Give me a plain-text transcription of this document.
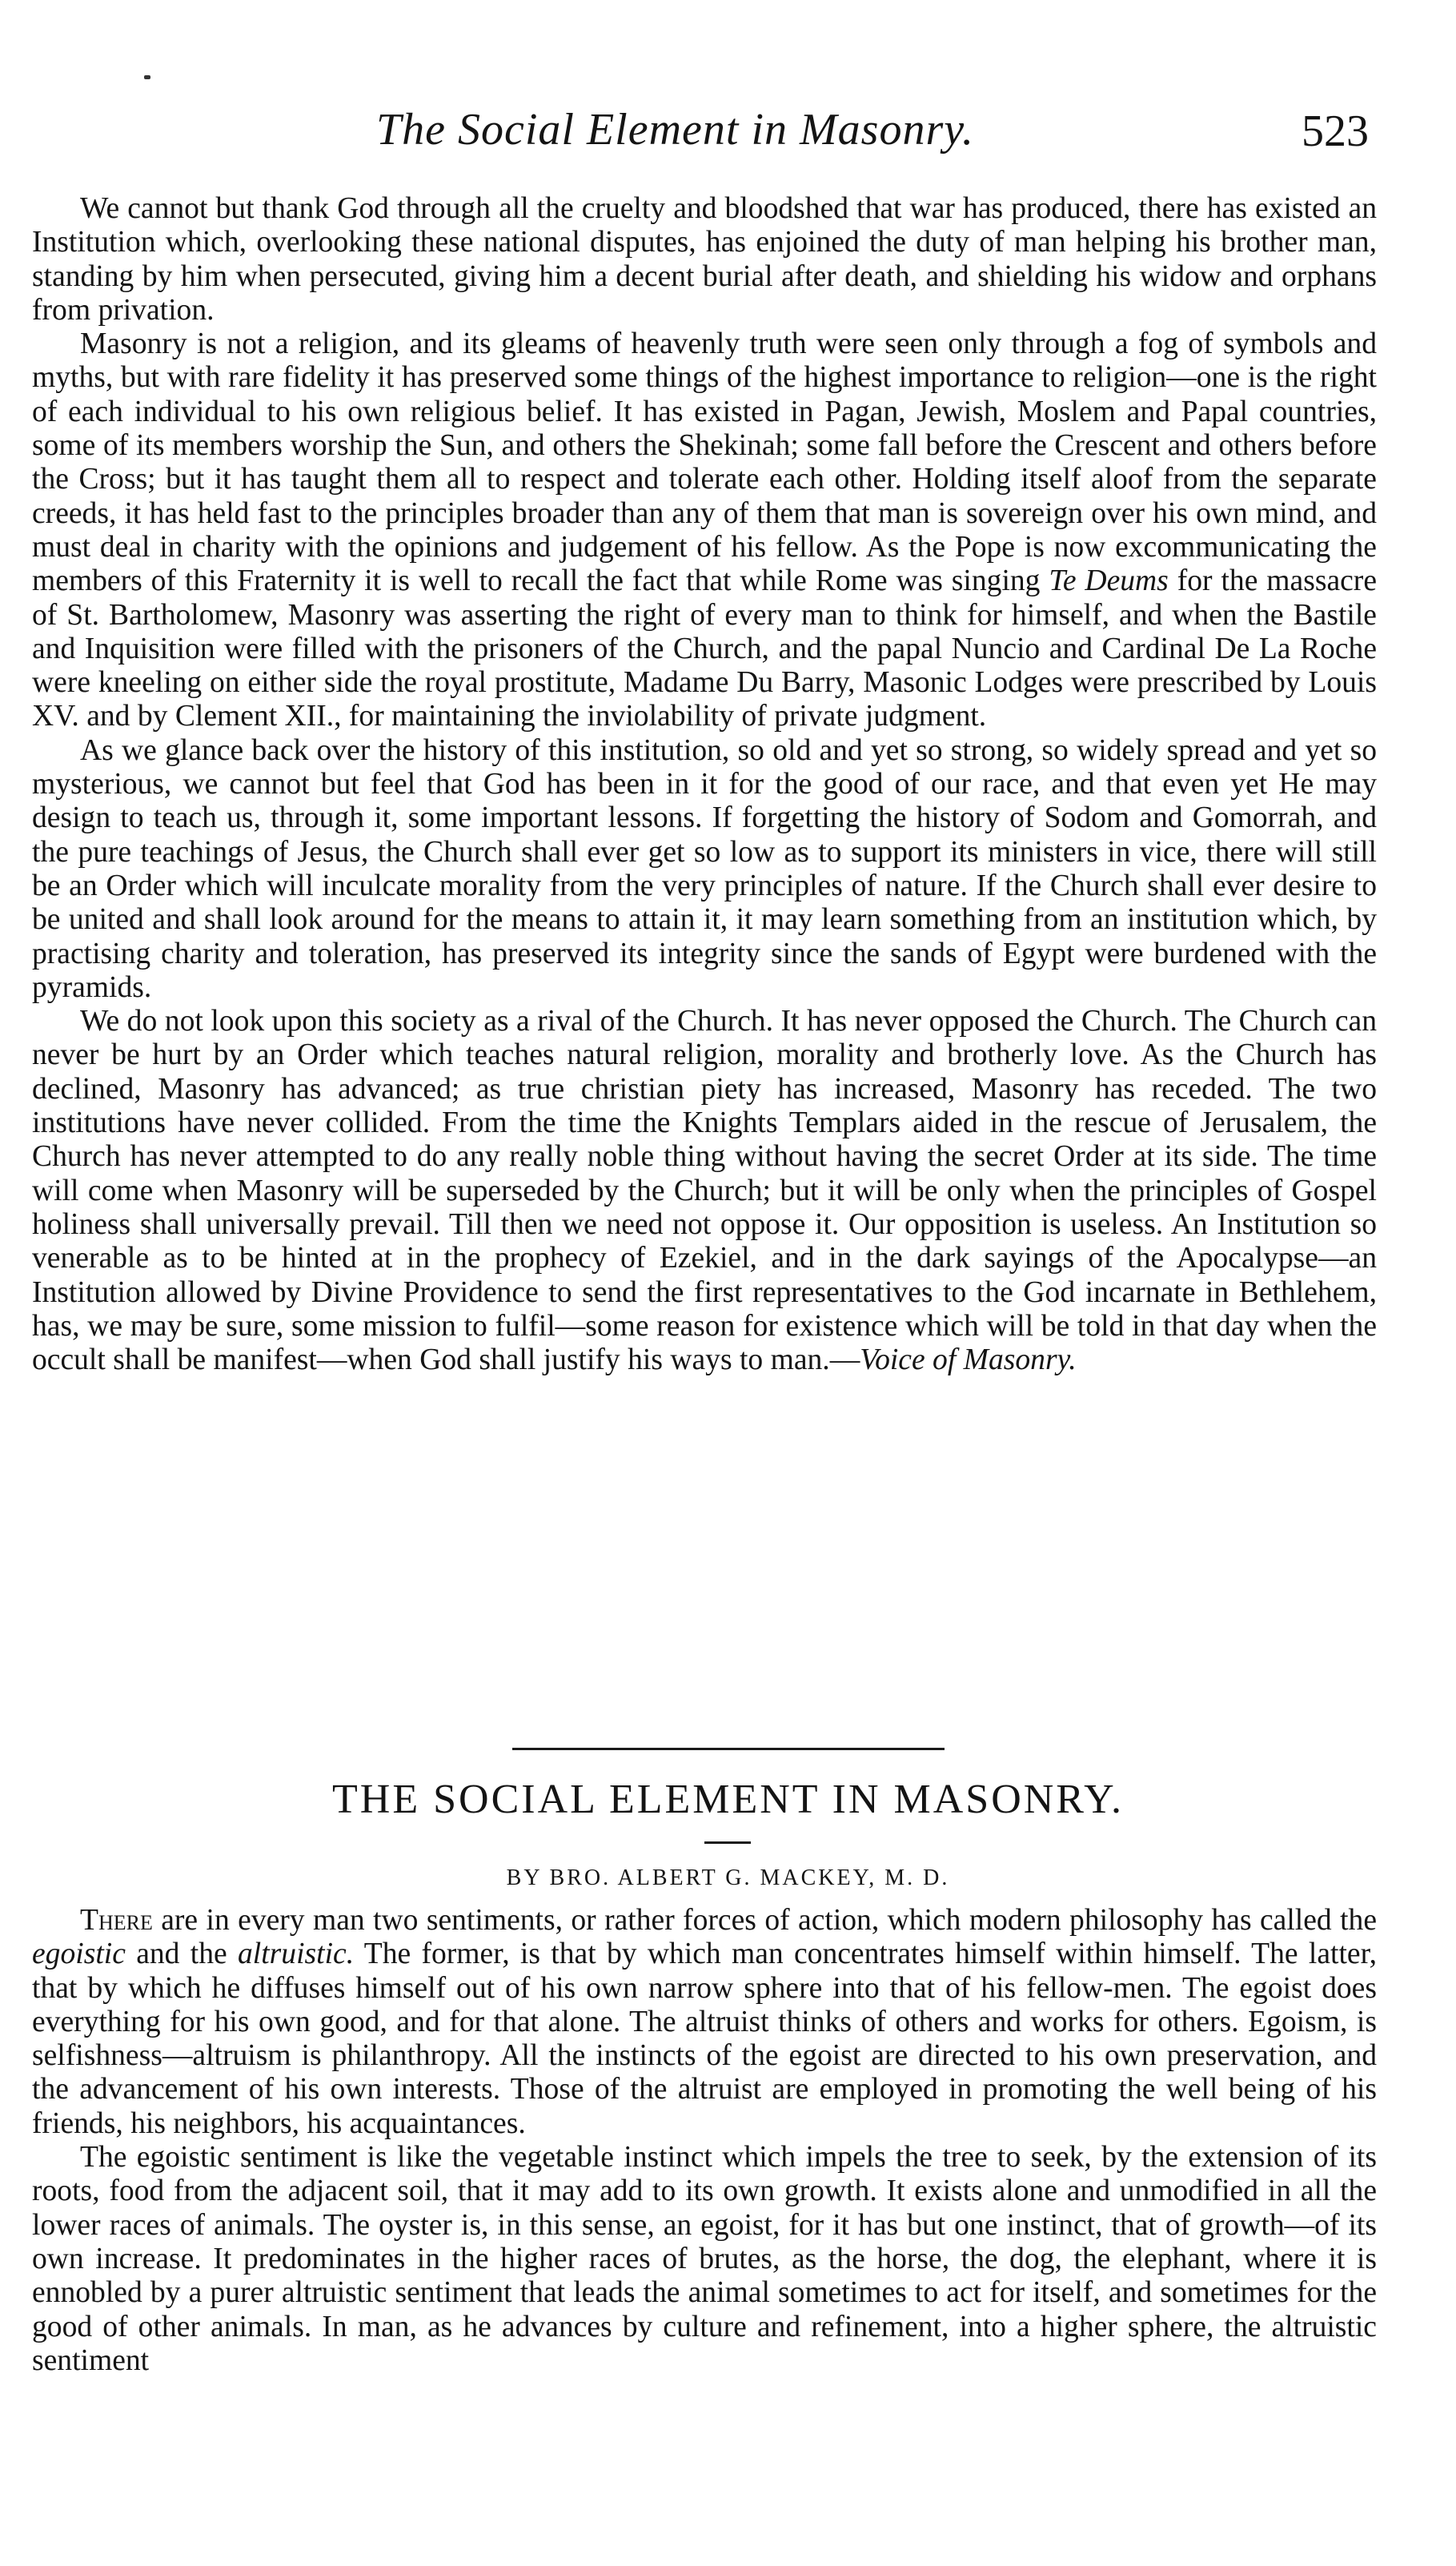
The Social Element in Masonry.	523

We cannot but thank God through all the cruelty and bloodshed that war has produced, there has existed an Institution which, overlooking these national disputes, has enjoined the duty of man helping his brother man, standing by him when persecuted, giving him a decent burial after death, and shielding his widow and orphans from privation.

Masonry is not a religion, and its gleams of heavenly truth were seen only through a fog of symbols and myths, but with rare fidelity it has preserved some things of the highest importance to religion—one is the right of each individual to his own religious belief. It has existed in Pagan, Jewish, Moslem and Papal countries, some of its members worship the Sun, and others the Shekinah; some fall before the Crescent and others before the Cross; but it has taught them all to respect and tolerate each other. Holding itself aloof from the separate creeds, it has held fast to the principles broader than any of them that man is sovereign over his own mind, and must deal in charity with the opinions and judgement of his fellow. As the Pope is now excommunicating the members of this Fraternity it is well to recall the fact that while Rome was singing Te Deums for the massacre of St. Bartholomew, Masonry was asserting the right of every man to think for himself, and when the Bastile and Inquisition were filled with the prisoners of the Church, and the papal Nuncio and Cardinal De La Roche were kneeling on either side the royal prostitute, Madame Du Barry, Masonic Lodges were prescribed by Louis XV. and by Clement XII., for maintaining the inviolability of private judgment.

As we glance back over the history of this institution, so old and yet so strong, so widely spread and yet so mysterious, we cannot but feel that God has been in it for the good of our race, and that even yet He may design to teach us, through it, some important lessons. If forgetting the history of Sodom and Gomorrah, and the pure teachings of Jesus, the Church shall ever get so low as to support its ministers in vice, there will still be an Order which will inculcate morality from the very principles of nature. If the Church shall ever desire to be united and shall look around for the means to attain it, it may learn something from an institution which, by practising charity and toleration, has preserved its integrity since the sands of Egypt were burdened with the pyramids.

We do not look upon this society as a rival of the Church. It has never opposed the Church. The Church can never be hurt by an Order which teaches natural religion, morality and brotherly love. As the Church has declined, Masonry has advanced; as true christian piety has increased, Masonry has receded. The two institutions have never collided. From the time the Knights Templars aided in the rescue of Jerusalem, the Church has never attempted to do any really noble thing without having the secret Order at its side. The time will come when Masonry will be superseded by the Church; but it will be only when the principles of Gospel holiness shall universally prevail. Till then we need not oppose it. Our opposition is useless. An Institution so venerable as to be hinted at in the prophecy of Ezekiel, and in the dark sayings of the Apocalypse—an Institution allowed by Divine Providence to send the first representatives to the God incarnate in Bethlehem, has, we may be sure, some mission to fulfil—some reason for existence which will be told in that day when the occult shall be manifest—when God shall justify his ways to man.—Voice of Masonry.

THE SOCIAL ELEMENT IN MASONRY.
BY BRO. ALBERT G. MACKEY, M. D.

There are in every man two sentiments, or rather forces of action, which modern philosophy has called the egoistic and the altruistic. The former, is that by which man concentrates himself within himself. The latter, that by which he diffuses himself out of his own narrow sphere into that of his fellow-men. The egoist does everything for his own good, and for that alone. The altruist thinks of others and works for others. Egoism, is selfishness—altruism is philanthropy. All the instincts of the egoist are directed to his own preservation, and the advancement of his own interests. Those of the altruist are employed in promoting the well being of his friends, his neighbors, his acquaintances.

The egoistic sentiment is like the vegetable instinct which impels the tree to seek, by the extension of its roots, food from the adjacent soil, that it may add to its own growth. It exists alone and unmodified in all the lower races of animals. The oyster is, in this sense, an egoist, for it has but one instinct, that of growth—of its own increase. It predominates in the higher races of brutes, as the horse, the dog, the elephant, where it is ennobled by a purer altruistic sentiment that leads the animal sometimes to act for itself, and sometimes for the good of other animals. In man, as he advances by culture and refinement, into a higher sphere, the altruistic sentiment
